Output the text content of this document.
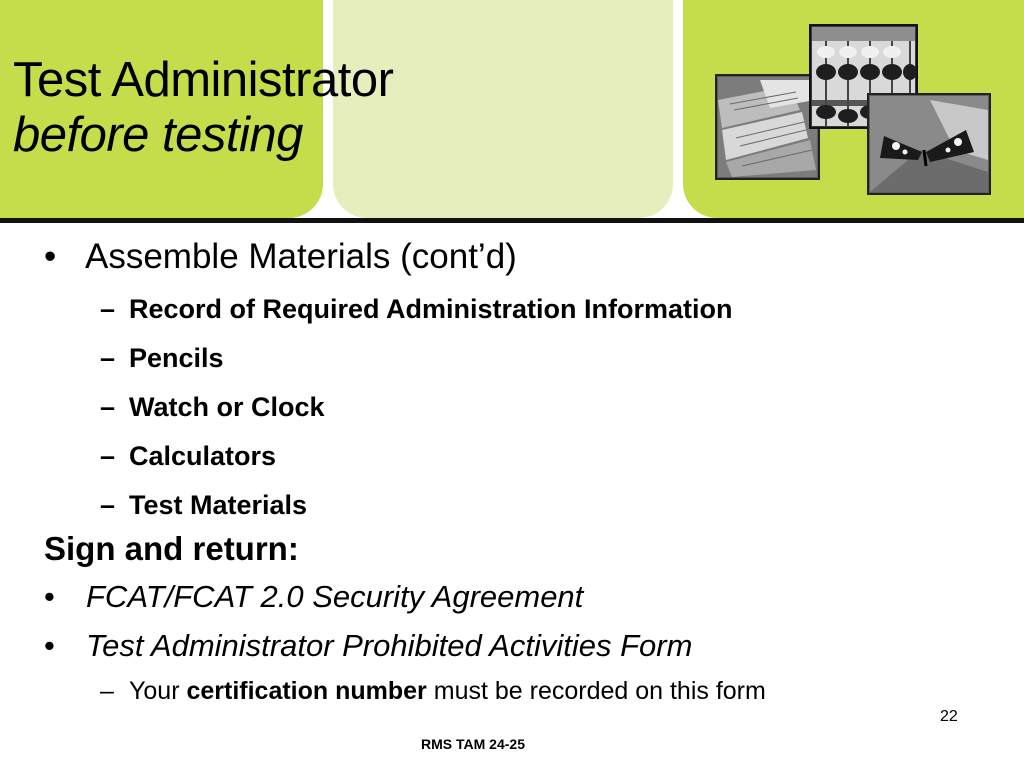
Test Administrator
before testing
• Assemble Materials (cont’d)
– Record of Required Administration Information
– Pencils
– Watch or Clock
– Calculators
– Test Materials
Sign and return:
• FCAT/FCAT 2.0 Security Agreement
• Test Administrator Prohibited Activities Form
– Your certification number must be recorded on this form
22
RMS TAM 24-25
